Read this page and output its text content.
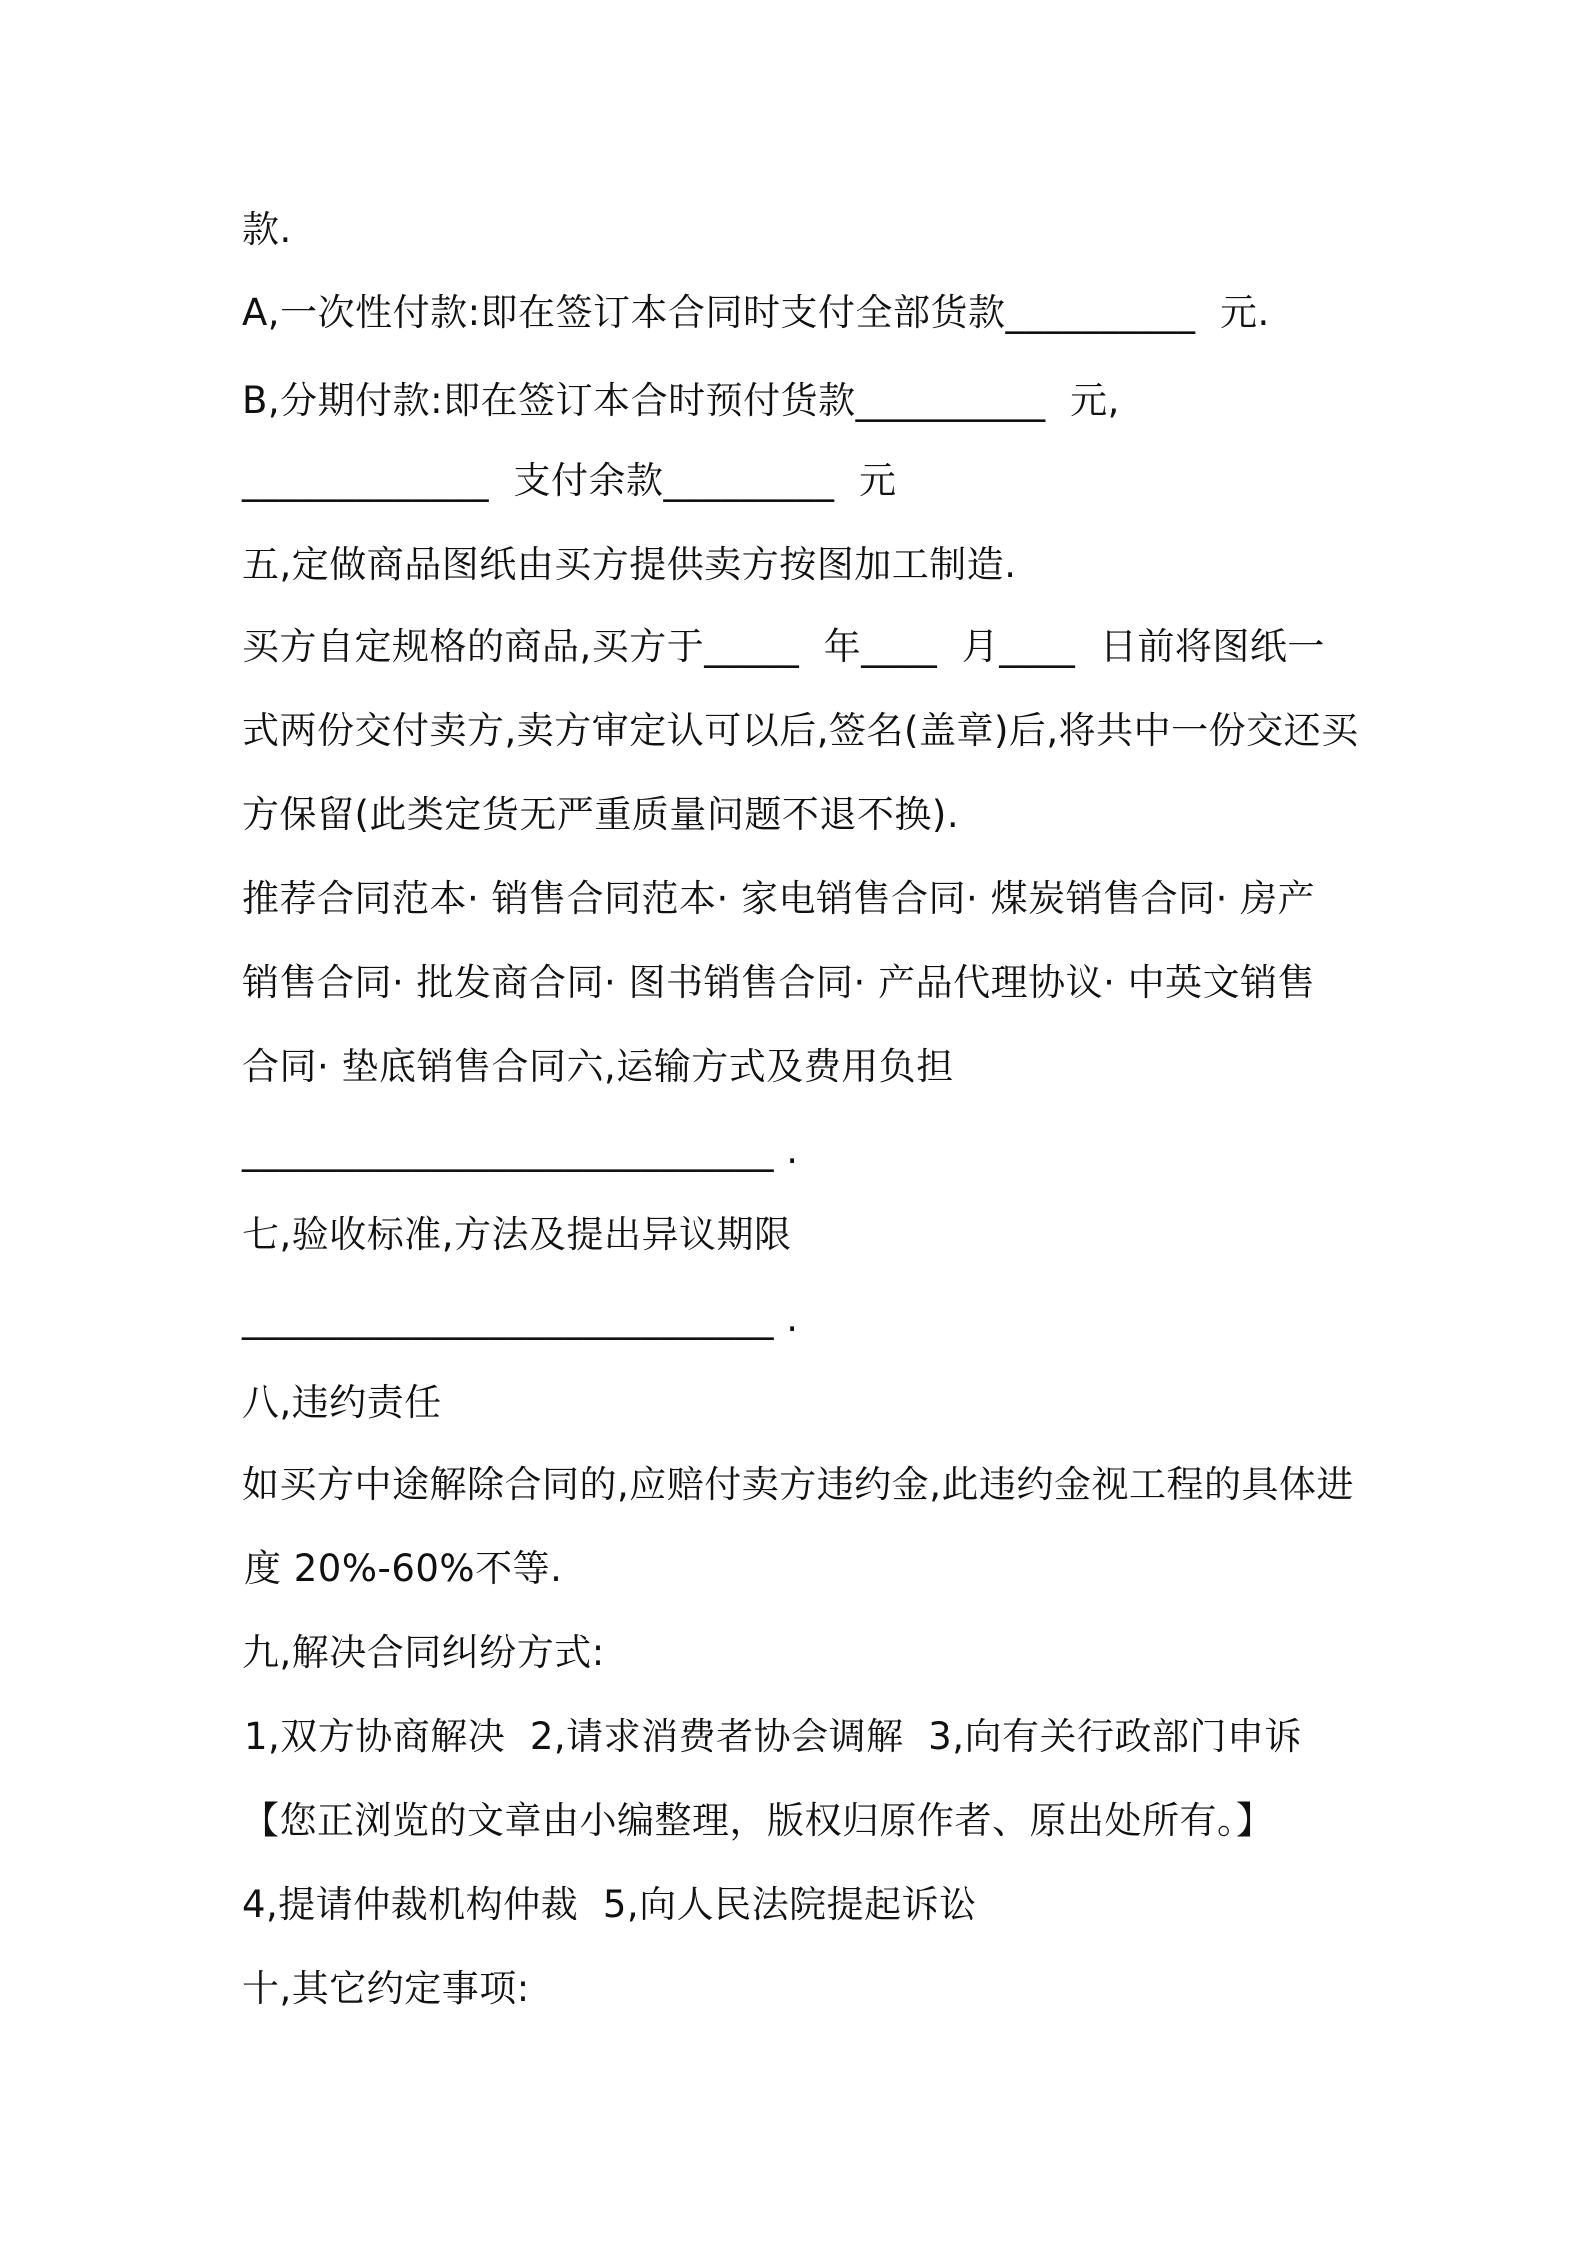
款.
A,一次性付款:即在签订本合同时支付全部货款__________  元.
B,分期付款:即在签订本合时预付货款__________  元,
_____________  支付余款_________  元
五,定做商品图纸由买方提供卖方按图加工制造.
买方自定规格的商品,买方于_____  年____  月____  日前将图纸一
式两份交付卖方,卖方审定认可以后,签名(盖章)后,将共中一份交还买
方保留(此类定货无严重质量问题不退不换).
推荐合同范本· 销售合同范本· 家电销售合同· 煤炭销售合同· 房产
销售合同· 批发商合同· 图书销售合同· 产品代理协议· 中英文销售
合同· 垫底销售合同六,运输方式及费用负担
____________________________ .
七,验收标准,方法及提出异议期限
____________________________ .
八,违约责任
如买方中途解除合同的,应赔付卖方违约金,此违约金视工程的具体进
度 20%-60%不等.
九,解决合同纠纷方式:
1,双方协商解决  2,请求消费者协会调解  3,向有关行政部门申诉
【您正浏览的文章由小编整理，版权归原作者、原出处所有。】
4,提请仲裁机构仲裁  5,向人民法院提起诉讼
十,其它约定事项:
